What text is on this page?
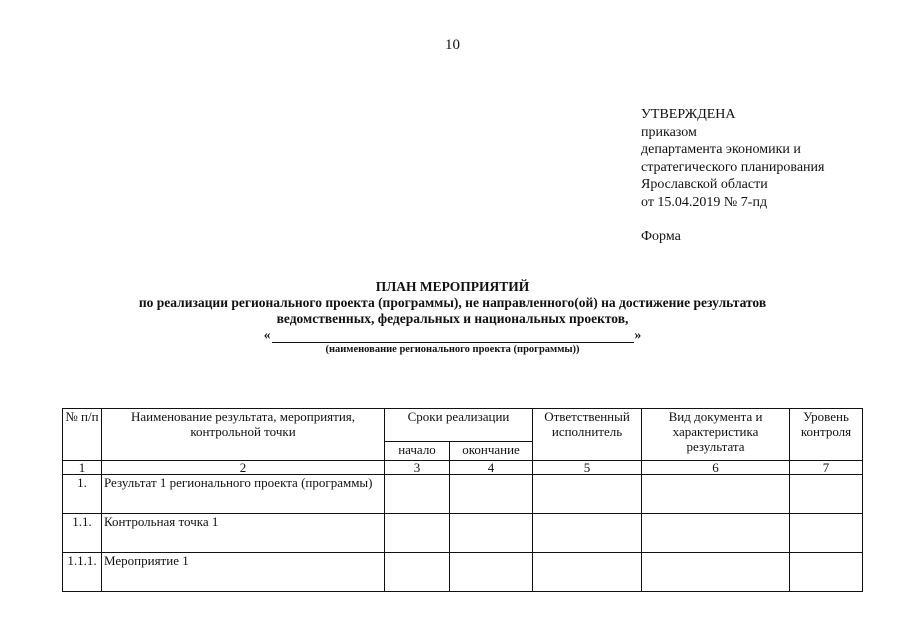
10
УТВЕРЖДЕНА
приказом
департамента экономики и
стратегического планирования
Ярославской области
от 15.04.2019 № 7-пд
Форма
ПЛАН МЕРОПРИЯТИЙ
по реализации регионального проекта (программы), не направленного(ой) на достижение результатов
ведомственных, федеральных и национальных проектов,
«	»
(наименование регионального проекта (программы))
№ п/п	Наименование результата, мероприятия, контрольной точки	Сроки реализации		Ответственный исполнитель	Вид документа и характеристика результата	Уровень контроля
		начало	окончание			
1	2	3	4	5	6	7
1.	Результат 1 регионального проекта (программы)					
1.1.	Контрольная точка 1					
1.1.1.	Мероприятие 1					
